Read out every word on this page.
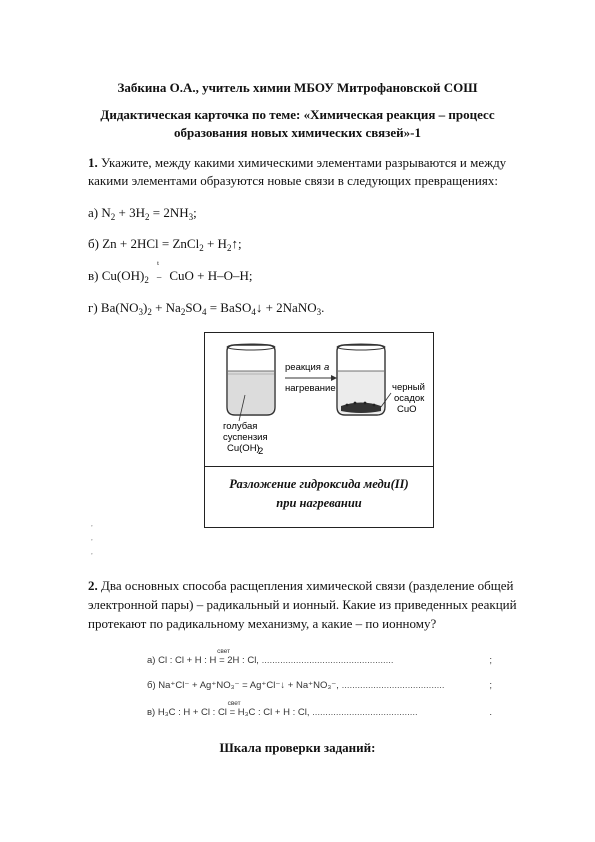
Забкина О.А., учитель химии МБОУ Митрофановской СОШ
Дидактическая карточка по теме: «Химическая реакция – процесс
образования новых химических связей»-1
1. Укажите, между какими химическими элементами разрываются и между
какими элементами образуются новые связи в следующих превращениях:
а) $N_2 + 3H_2 = 2NH_3$;
б) Zn + 2HCl = ZnCl$_2$ + $H_2↑$;
в) $Cu(OH)_2$
t
– CuO + H–O–H;
г) $Ba(NO_3)_2 + Na_2SO_4$ = BaSO$_4$↓ + 2NaNO$_3$.
реакция a
нагревание
голубая
суспензия
Cu(OH)
2
черный
осадок
CuO
Разложение гидроксида меди(II)
при нагревании
,
,
,
2. Два основных способа расщепления химической связи (разделение общей
электронной пары) – радикальный и ионный. Какие из приведенных реакций
протекают по радикальному механизму, а какие – по ионному?
а) Cl : Cl + H : H
свет
= 2H : Cl, ..................................................	;
б) Na⁺Cl⁻ + Ag⁺NO₃⁻ = Ag⁺Cl⁻↓ + Na⁺NO₃⁻, .......................................	;
в) H₃C : H + Cl : Cl
свет
= H₃C : Cl + H : Cl, ........................................	.
Шкала проверки заданий:
